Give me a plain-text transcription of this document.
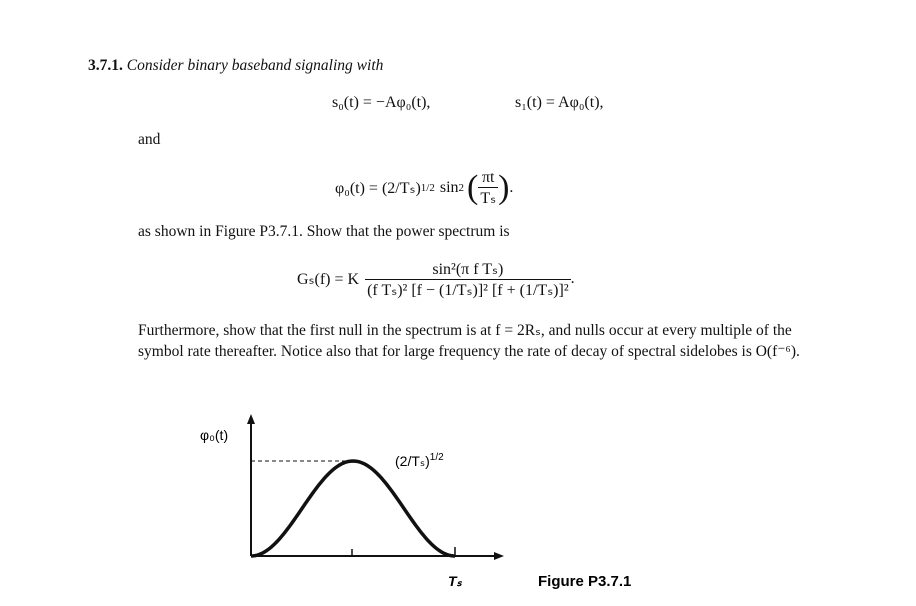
3.7.1. Consider binary baseband signaling with
s₀(t) = −Aφ₀(t),	s₁(t) = Aφ₀(t),
and
φ₀(t) = (2/Tₛ) 1/2 sin 2 ( $\frac{\pi t}{\text{Tₛ}}$ ) .
as shown in Figure P3.7.1. Show that the power spectrum is
Gₛ(f) = K $\frac{\text{sin²(π f Tₛ)}}{\text{(f Tₛ)² [f − (1/Tₛ)]² [f + (1/Tₛ)]²}}$ .
Furthermore, show that the first null in the spectrum is at f = 2Rₛ, and nulls occur at every multiple of the symbol rate thereafter. Notice also that for large frequency the rate of decay of spectral sidelobes is O(f⁻⁶).
φ₀(t)
$(2/T_s)^{1/2}$
Tₛ	Figure P3.7.1
